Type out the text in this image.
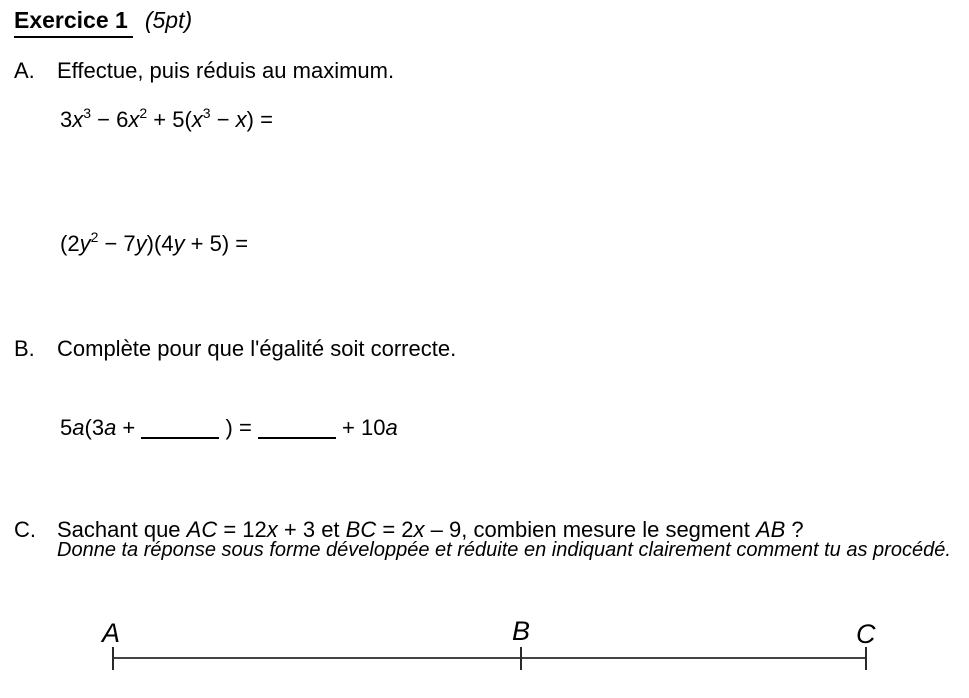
Exercice 1 (5pt)
A.	Effectue, puis réduis au maximum.
$3x^3 - 6x^2 + 5(x^3 - x)$ =
$(2y^2 - 7y)(4y + 5)$ =
B.	Complète pour que l'égalité soit correcte.
5a(3a +	) =	+ 10a
C. Sachant que AC = 12x + 3 et BC = 2x – 9, combien mesure le segment AB ?
Donne ta réponse sous forme développée et réduite en indiquant clairement comment tu as procédé.
A	B	C
